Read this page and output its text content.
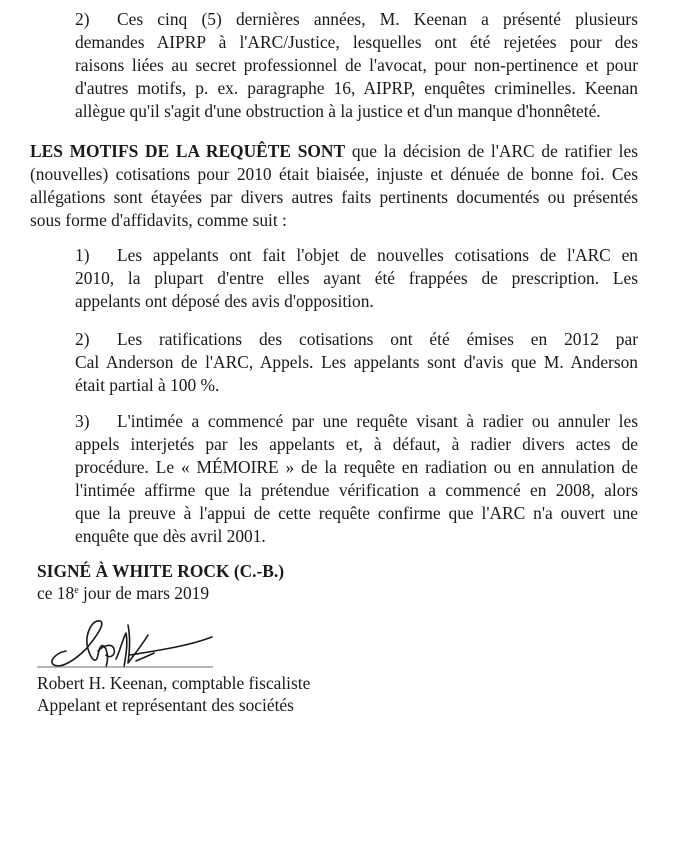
2) Ces cinq (5) dernières années, M. Keenan a présenté plusieurs
demandes AIPRP à l'ARC/Justice, lesquelles ont été rejetées pour des
raisons liées au secret professionnel de l'avocat, pour non-pertinence et pour
d'autres motifs, p. ex. paragraphe 16, AIPRP, enquêtes criminelles. Keenan
allègue qu'il s'agit d'une obstruction à la justice et d'un manque d'honnêteté.
LES MOTIFS DE LA REQUÊTE SONT que la décision de l'ARC de ratifier les
(nouvelles) cotisations pour 2010 était biaisée, injuste et dénuée de bonne foi. Ces
allégations sont étayées par divers autres faits pertinents documentés ou présentés
sous forme d'affidavits, comme suit :
1) Les appelants ont fait l'objet de nouvelles cotisations de l'ARC en
2010, la plupart d'entre elles ayant été frappées de prescription. Les
appelants ont déposé des avis d'opposition.
2) Les ratifications des cotisations ont été émises en 2012 par
Cal Anderson de l'ARC, Appels. Les appelants sont d'avis que M. Anderson
était partial à 100 %.
3) L'intimée a commencé par une requête visant à radier ou annuler les
appels interjetés par les appelants et, à défaut, à radier divers actes de
procédure. Le « MÉMOIRE » de la requête en radiation ou en annulation de
l'intimée affirme que la prétendue vérification a commencé en 2008, alors
que la preuve à l'appui de cette requête confirme que l'ARC n'a ouvert une
enquête que dès avril 2001.
SIGNÉ À WHITE ROCK (C.-B.)
ce 18e jour de mars 2019
Robert H. Keenan, comptable fiscaliste
Appelant et représentant des sociétés
